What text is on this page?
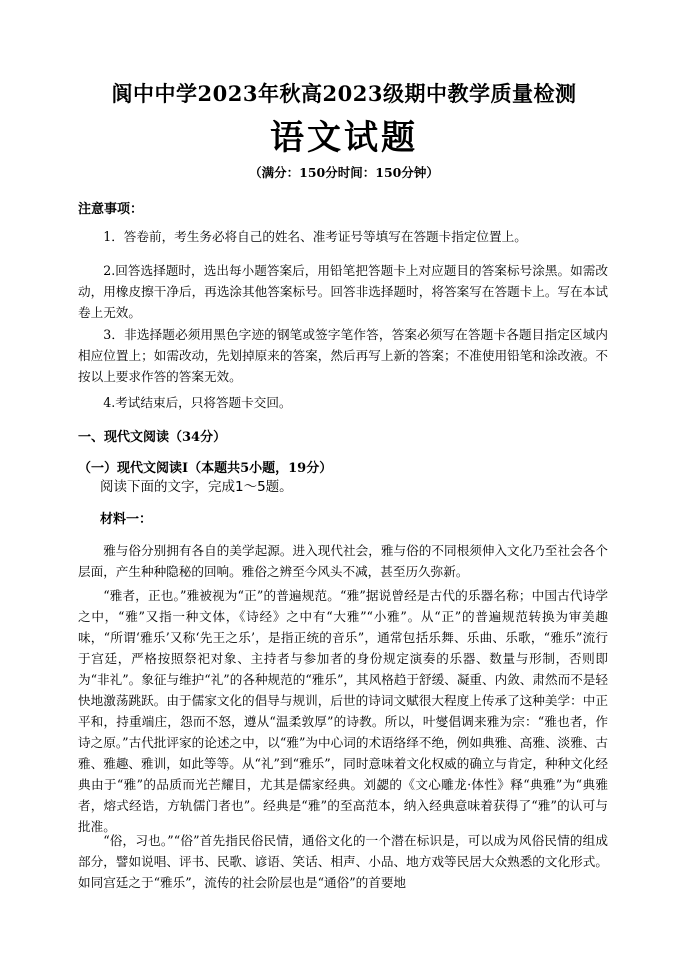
阆中中学2023年秋高2023级期中教学质量检测
语文试题
（满分：150分时间：150分钟）
注意事项：
1．答卷前，考生务必将自己的姓名、准考证号等填写在答题卡指定位置上。
2.回答选择题时，选出每小题答案后，用铅笔把答题卡上对应题目的答案标号涂黑。如需改动，用橡皮擦干净后，再选涂其他答案标号。回答非选择题时，将答案写在答题卡上。写在本试卷上无效。
3．非选择题必须用黑色字迹的钢笔或签字笔作答，答案必须写在答题卡各题目指定区域内相应位置上；如需改动，先划掉原来的答案，然后再写上新的答案；不准使用铅笔和涂改液。不按以上要求作答的答案无效。
4.考试结束后，只将答题卡交回。
一、现代文阅读（34分）
（一）现代文阅读Ⅰ（本题共5小题，19分）
阅读下面的文字，完成1～5题。
材料一：
雅与俗分别拥有各自的美学起源。进入现代社会，雅与俗的不同根须伸入文化乃至社会各个层面，产生种种隐秘的回响。雅俗之辨至今风头不减，甚至历久弥新。
“雅者，正也。”雅被视为“正”的普遍规范。“雅”据说曾经是古代的乐器名称；中国古代诗学之中，“雅”又指一种文体，《诗经》之中有“大雅”“小雅”。从“正”的普遍规范转换为审美趣味，“所谓‘雅乐’又称‘先王之乐’，是指正统的音乐”，通常包括乐舞、乐曲、乐歌，“雅乐”流行于宫廷，严格按照祭祀对象、主持者与参加者的身份规定演奏的乐器、数量与形制，否则即为“非礼”。象征与维护“礼”的各种规范的“雅乐”，其风格趋于舒缓、凝重、内敛、肃然而不是轻快地激荡跳跃。由于儒家文化的倡导与规训，后世的诗词文赋很大程度上传承了这种美学：中正平和，持重端庄，怨而不怒，遵从“温柔敦厚”的诗教。所以，叶燮倡调来雅为宗：“雅也者，作诗之原。”古代批评家的论述之中，以“雅”为中心词的术语络绎不绝，例如典雅、高雅、淡雅、古雅、雅趣、雅训，如此等等。从“礼”到“雅乐”，同时意味着文化权威的确立与肯定，种种文化经典由于“雅”的品质而光芒耀目，尤其是儒家经典。刘勰的《文心雕龙·体性》释“典雅”为“典雅者，熔式经诰，方轨儒门者也”。经典是“雅”的至高范本，纳入经典意味着获得了“雅”的认可与批准。
“俗，习也。”“俗”首先指民俗民情，通俗文化的一个潜在标识是，可以成为风俗民情的组成部分，譬如说唱、评书、民歌、谚语、笑话、相声、小品、地方戏等民居大众熟悉的文化形式。如同宫廷之于“雅乐”，流传的社会阶层也是“通俗”的首要地
